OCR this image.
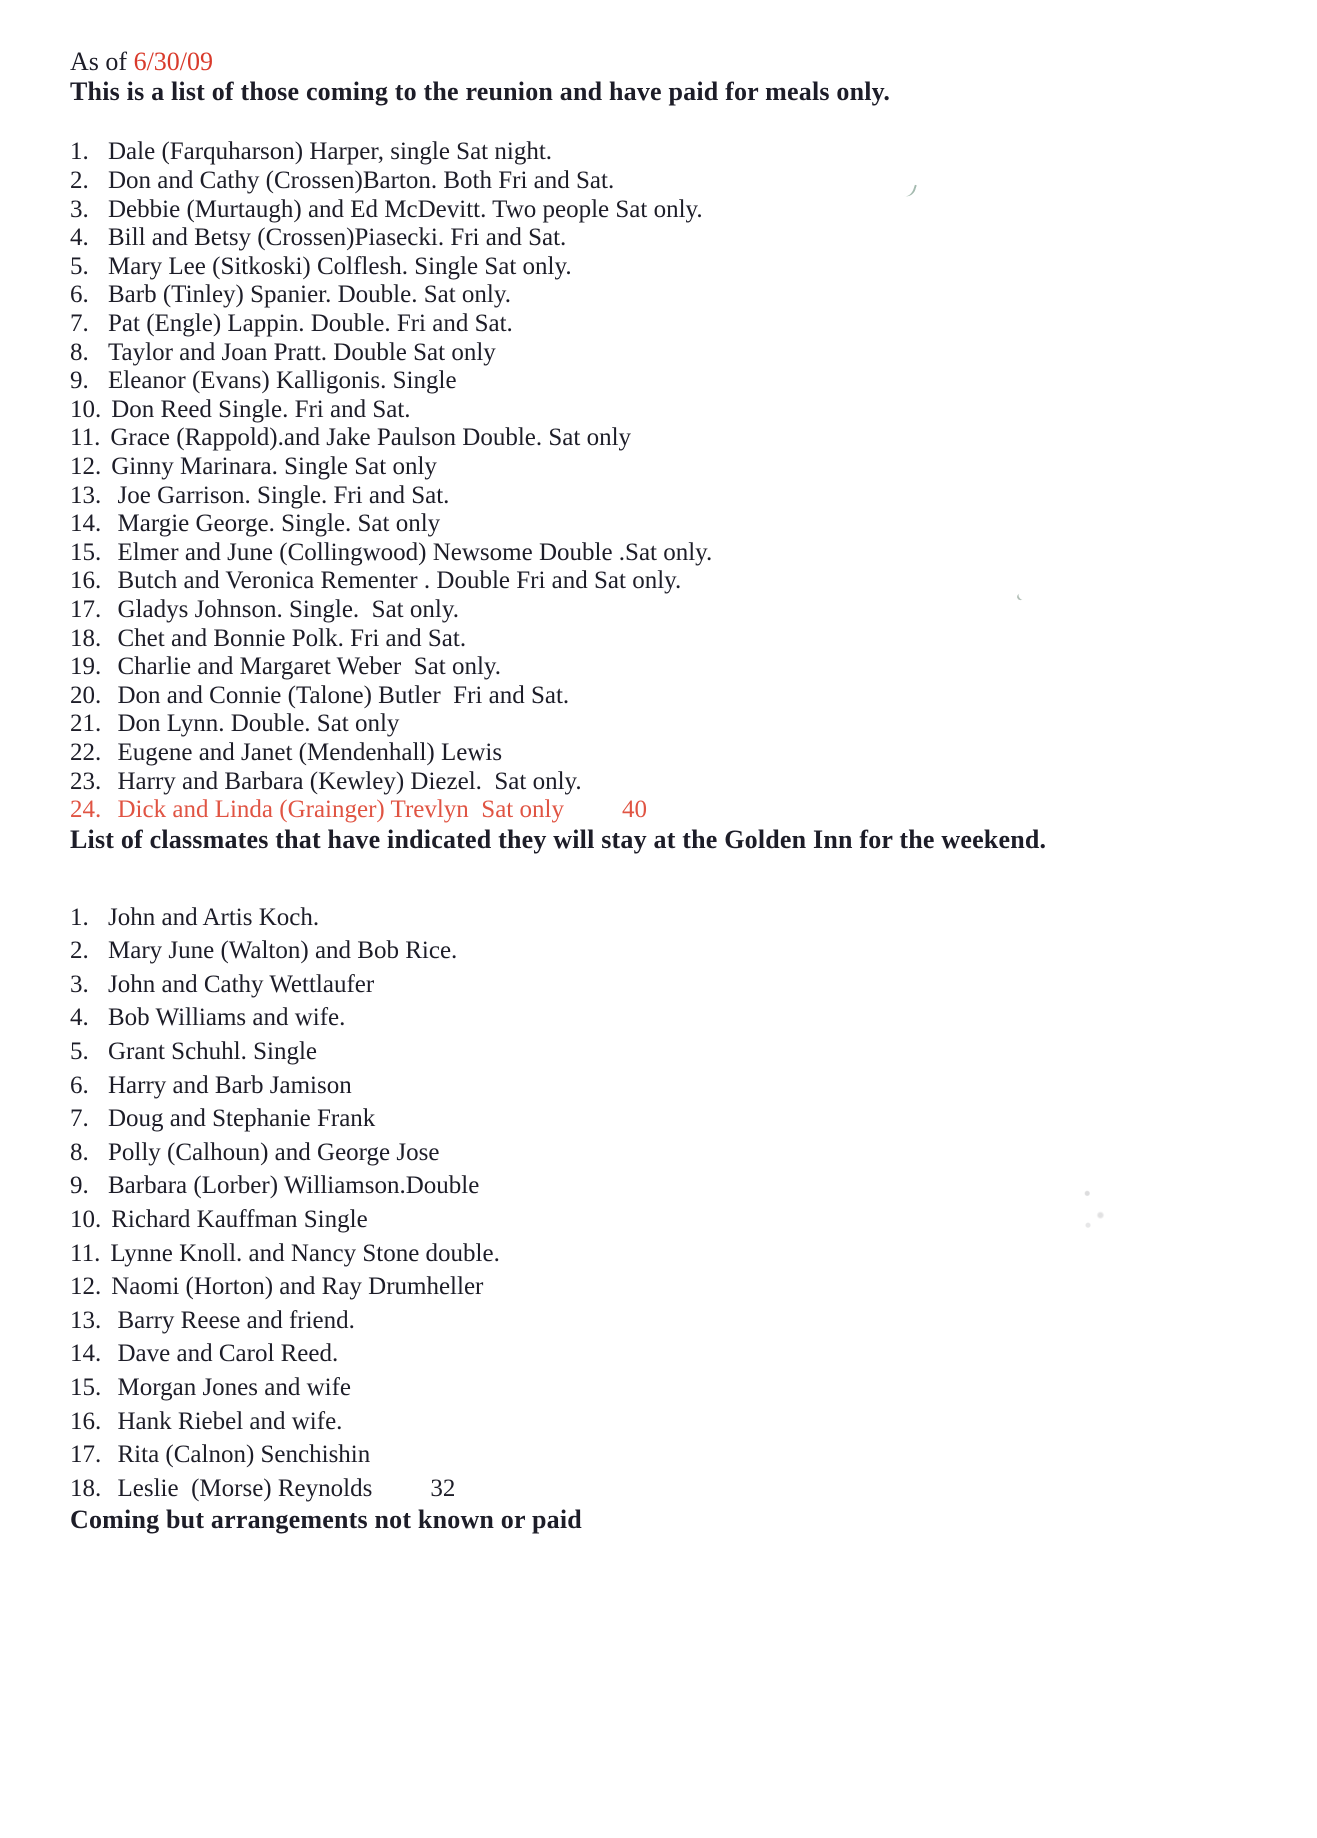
As of 6/30/09
This is a list of those coming to the reunion and have paid for meals only.
1. Dale (Farquharson) Harper, single Sat night.
2. Don and Cathy (Crossen)Barton. Both Fri and Sat.
3. Debbie (Murtaugh) and Ed McDevitt. Two people Sat only.
4. Bill and Betsy (Crossen)Piasecki. Fri and Sat.
5. Mary Lee (Sitkoski) Colflesh. Single Sat only.
6. Barb (Tinley) Spanier. Double. Sat only.
7. Pat (Engle) Lappin. Double. Fri and Sat.
8. Taylor and Joan Pratt. Double Sat only
9. Eleanor (Evans) Kalligonis. Single
10. Don Reed Single. Fri and Sat.
11. Grace (Rappold).and Jake Paulson Double. Sat only
12. Ginny Marinara. Single Sat only
13. Joe Garrison. Single. Fri and Sat.
14. Margie George. Single. Sat only
15. Elmer and June (Collingwood) Newsome Double .Sat only.
16. Butch and Veronica Rementer . Double Fri and Sat only.
17. Gladys Johnson. Single.  Sat only.
18. Chet and Bonnie Polk. Fri and Sat.
19. Charlie and Margaret Weber  Sat only.
20. Don and Connie (Talone) Butler  Fri and Sat.
21. Don Lynn. Double. Sat only
22. Eugene and Janet (Mendenhall) Lewis
23. Harry and Barbara (Kewley) Diezel.  Sat only.
24. Dick and Linda (Grainger) Trevlyn  Sat only 40
List of classmates that have indicated they will stay at the Golden Inn for the weekend.
1. John and Artis Koch.
2. Mary June (Walton) and Bob Rice.
3. John and Cathy Wettlaufer
4. Bob Williams and wife.
5. Grant Schuhl. Single
6. Harry and Barb Jamison
7. Doug and Stephanie Frank
8. Polly (Calhoun) and George Jose
9. Barbara (Lorber) Williamson.Double
10. Richard Kauffman Single
11. Lynne Knoll. and Nancy Stone double.
12. Naomi (Horton) and Ray Drumheller
13. Barry Reese and friend.
14. Dave and Carol Reed.
15. Morgan Jones and wife
16. Hank Riebel and wife.
17. Rita (Calnon) Senchishin
18. Leslie  (Morse) Reynolds 32
Coming but arrangements not known or paid
